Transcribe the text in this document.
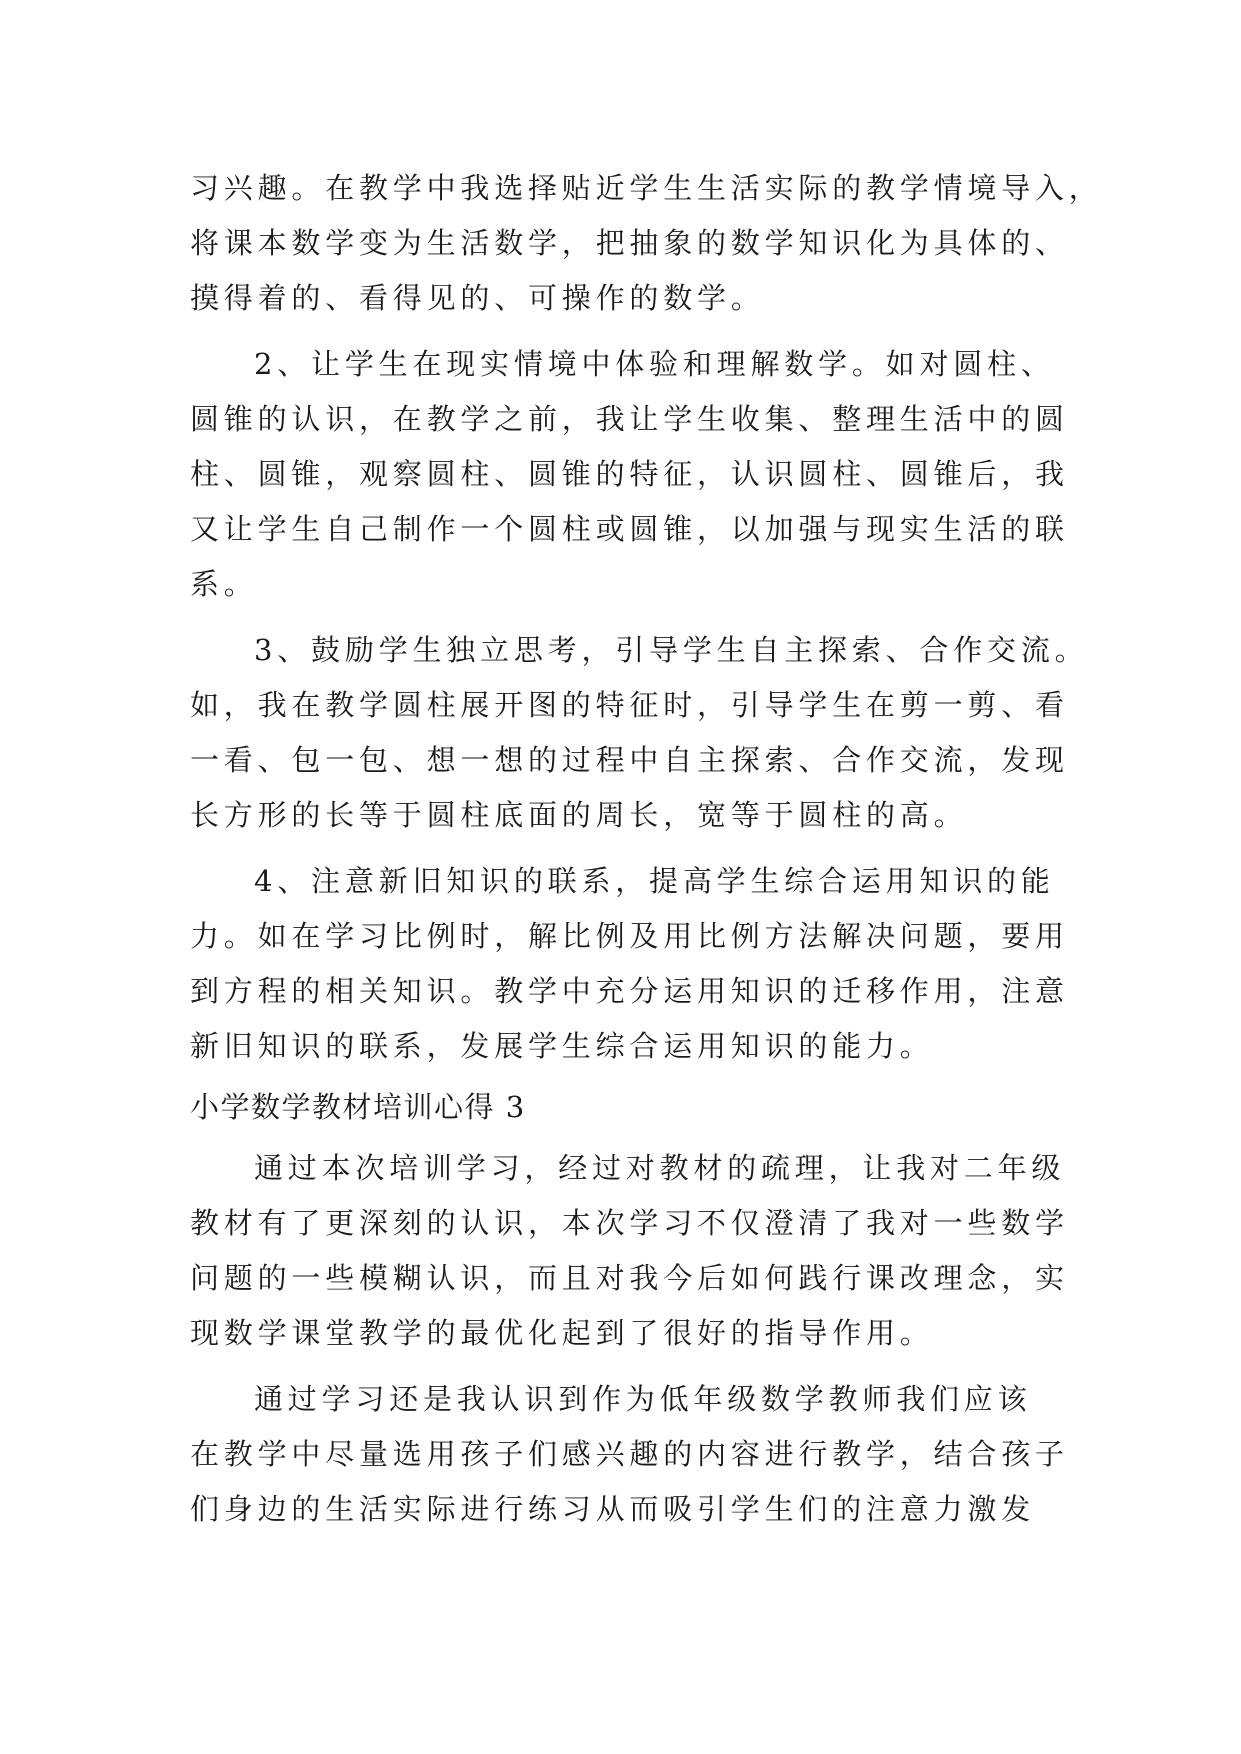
习兴趣。在教学中我选择贴近学生生活实际的教学情境导入，
将课本数学变为生活数学，把抽象的数学知识化为具体的、
摸得着的、看得见的、可操作的数学。
2、让学生在现实情境中体验和理解数学。如对圆柱、
圆锥的认识，在教学之前，我让学生收集、整理生活中的圆
柱、圆锥，观察圆柱、圆锥的特征，认识圆柱、圆锥后，我
又让学生自己制作一个圆柱或圆锥，以加强与现实生活的联
系。
3、鼓励学生独立思考，引导学生自主探索、合作交流。
如，我在教学圆柱展开图的特征时，引导学生在剪一剪、看
一看、包一包、想一想的过程中自主探索、合作交流，发现
长方形的长等于圆柱底面的周长，宽等于圆柱的高。
4、注意新旧知识的联系，提高学生综合运用知识的能
力。如在学习比例时，解比例及用比例方法解决问题，要用
到方程的相关知识。教学中充分运用知识的迁移作用，注意
新旧知识的联系，发展学生综合运用知识的能力。
小学数学教材培训心得 3
通过本次培训学习，经过对教材的疏理，让我对二年级
教材有了更深刻的认识，本次学习不仅澄清了我对一些数学
问题的一些模糊认识，而且对我今后如何践行课改理念，实
现数学课堂教学的最优化起到了很好的指导作用。
通过学习还是我认识到作为低年级数学教师我们应该
在教学中尽量选用孩子们感兴趣的内容进行教学，结合孩子
们身边的生活实际进行练习从而吸引学生们的注意力激发
